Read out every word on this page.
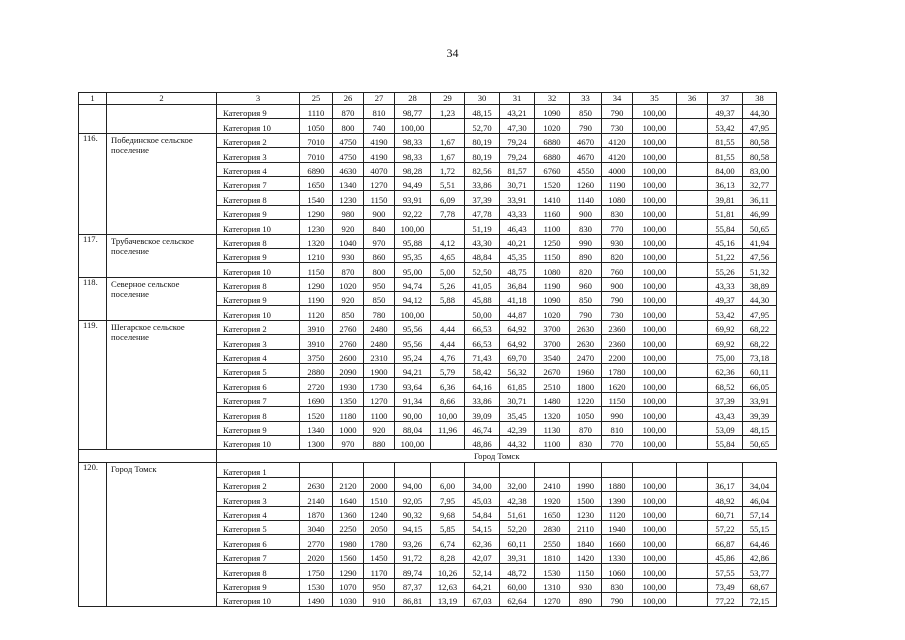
34
1	2	3	25	26	27	28	29	30	31	32	33	34	35	36	37	38
		Категория 9	1110	870	810	98,77	1,23	48,15	43,21	1090	850	790	100,00		49,37	44,30
		Категория 10	1050	800	740	100,00		52,70	47,30	1020	790	730	100,00		53,42	47,95
116.	Побединское сельское поселение	Категория 2	7010	4750	4190	98,33	1,67	80,19	79,24	6880	4670	4120	100,00		81,55	80,58
		Категория 3	7010	4750	4190	98,33	1,67	80,19	79,24	6880	4670	4120	100,00		81,55	80,58
		Категория 4	6890	4630	4070	98,28	1,72	82,56	81,57	6760	4550	4000	100,00		84,00	83,00
		Категория 7	1650	1340	1270	94,49	5,51	33,86	30,71	1520	1260	1190	100,00		36,13	32,77
		Категория 8	1540	1230	1150	93,91	6,09	37,39	33,91	1410	1140	1080	100,00		39,81	36,11
		Категория 9	1290	980	900	92,22	7,78	47,78	43,33	1160	900	830	100,00		51,81	46,99
		Категория 10	1230	920	840	100,00		51,19	46,43	1100	830	770	100,00		55,84	50,65
117.	Трубачевское сельское поселение	Категория 8	1320	1040	970	95,88	4,12	43,30	40,21	1250	990	930	100,00		45,16	41,94
		Категория 9	1210	930	860	95,35	4,65	48,84	45,35	1150	890	820	100,00		51,22	47,56
		Категория 10	1150	870	800	95,00	5,00	52,50	48,75	1080	820	760	100,00		55,26	51,32
118.	Северное сельское поселение	Категория 8	1290	1020	950	94,74	5,26	41,05	36,84	1190	960	900	100,00		43,33	38,89
		Категория 9	1190	920	850	94,12	5,88	45,88	41,18	1090	850	790	100,00		49,37	44,30
		Категория 10	1120	850	780	100,00		50,00	44,87	1020	790	730	100,00		53,42	47,95
119.	Шегарское сельское поселение	Категория 2	3910	2760	2480	95,56	4,44	66,53	64,92	3700	2630	2360	100,00		69,92	68,22
		Категория 3	3910	2760	2480	95,56	4,44	66,53	64,92	3700	2630	2360	100,00		69,92	68,22
		Категория 4	3750	2600	2310	95,24	4,76	71,43	69,70	3540	2470	2200	100,00		75,00	73,18
		Категория 5	2880	2090	1900	94,21	5,79	58,42	56,32	2670	1960	1780	100,00		62,36	60,11
		Категория 6	2720	1930	1730	93,64	6,36	64,16	61,85	2510	1800	1620	100,00		68,52	66,05
		Категория 7	1690	1350	1270	91,34	8,66	33,86	30,71	1480	1220	1150	100,00		37,39	33,91
		Категория 8	1520	1180	1100	90,00	10,00	39,09	35,45	1320	1050	990	100,00		43,43	39,39
		Категория 9	1340	1000	920	88,04	11,96	46,74	42,39	1130	870	810	100,00		53,09	48,15
		Категория 10	1300	970	880	100,00		48,86	44,32	1100	830	770	100,00		55,84	50,65
		Город Томск														
120.	Город Томск	Категория 1														
		Категория 2	2630	2120	2000	94,00	6,00	34,00	32,00	2410	1990	1880	100,00		36,17	34,04
		Категория 3	2140	1640	1510	92,05	7,95	45,03	42,38	1920	1500	1390	100,00		48,92	46,04
		Категория 4	1870	1360	1240	90,32	9,68	54,84	51,61	1650	1230	1120	100,00		60,71	57,14
		Категория 5	3040	2250	2050	94,15	5,85	54,15	52,20	2830	2110	1940	100,00		57,22	55,15
		Категория 6	2770	1980	1780	93,26	6,74	62,36	60,11	2550	1840	1660	100,00		66,87	64,46
		Категория 7	2020	1560	1450	91,72	8,28	42,07	39,31	1810	1420	1330	100,00		45,86	42,86
		Категория 8	1750	1290	1170	89,74	10,26	52,14	48,72	1530	1150	1060	100,00		57,55	53,77
		Категория 9	1530	1070	950	87,37	12,63	64,21	60,00	1310	930	830	100,00		73,49	68,67
		Категория 10	1490	1030	910	86,81	13,19	67,03	62,64	1270	890	790	100,00		77,22	72,15
